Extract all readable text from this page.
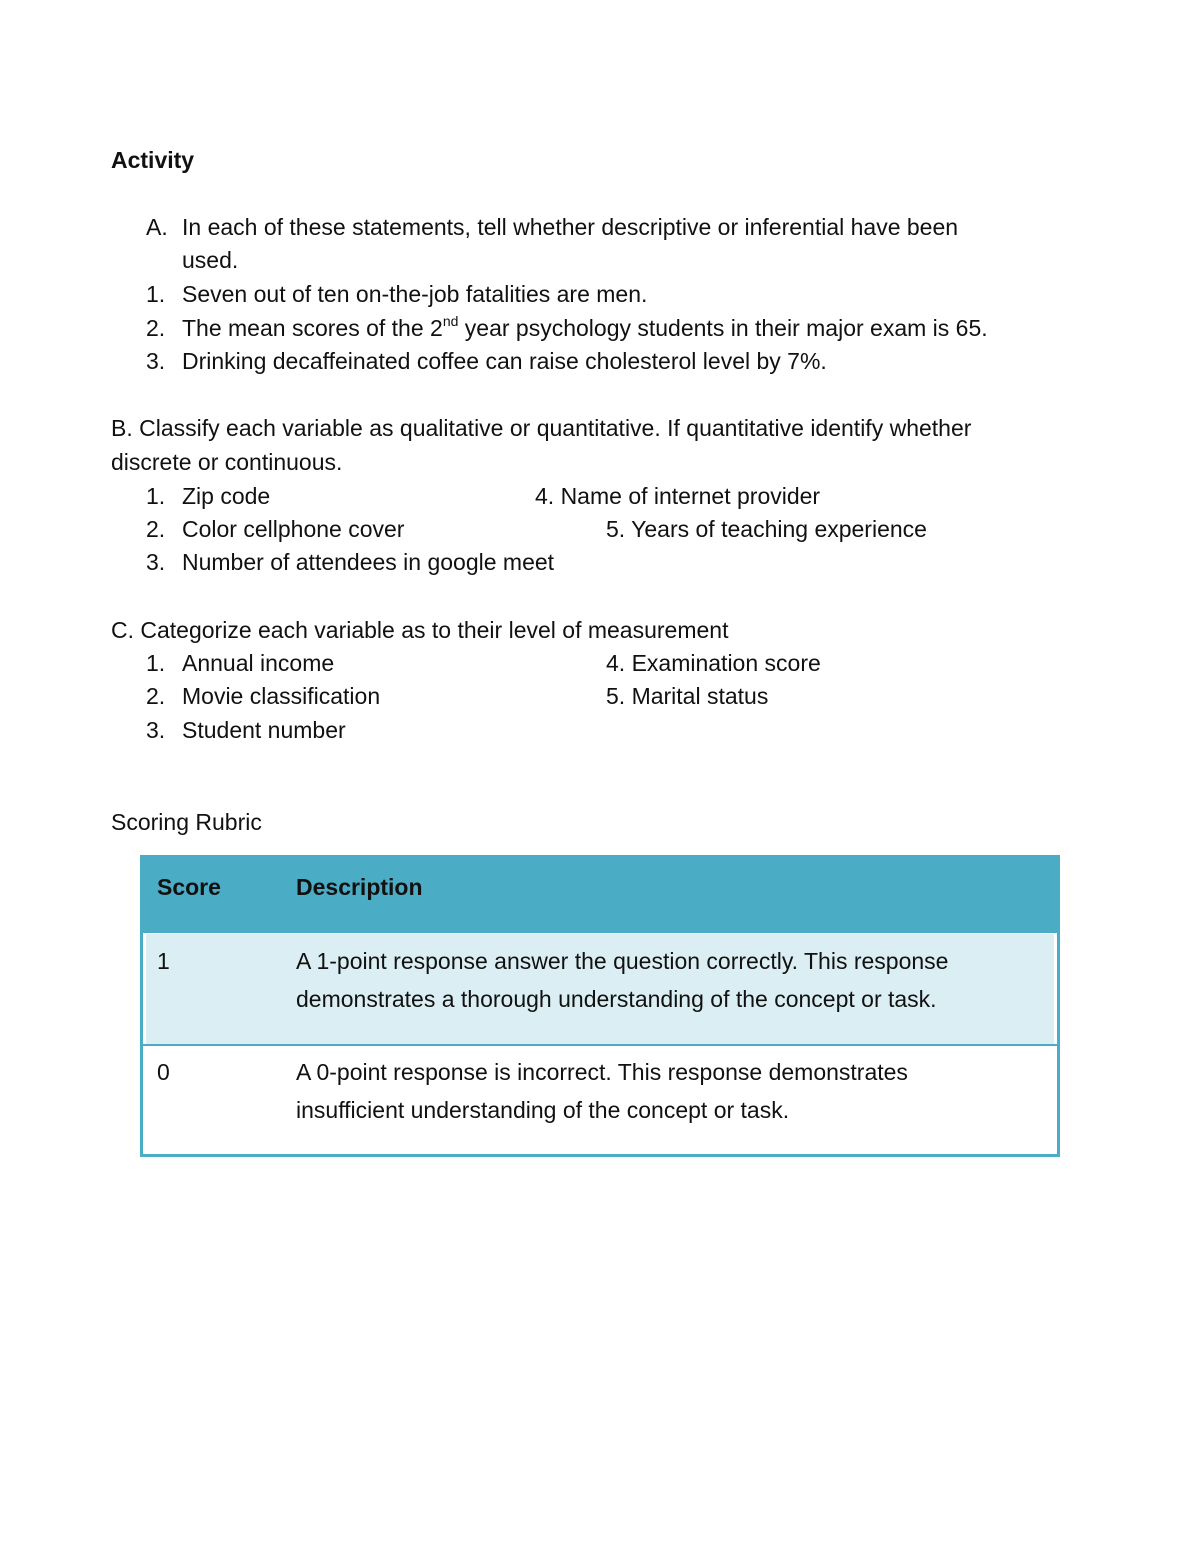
Activity
A. In each of these statements, tell whether descriptive or inferential have been
used.
1. Seven out of ten on-the-job fatalities are men.
2. The mean scores of the 2nd year psychology students in their major exam is 65.
3. Drinking decaffeinated coffee can raise cholesterol level by 7%.
B. Classify each variable as qualitative or quantitative. If quantitative identify whether
discrete or continuous.
1. Zip code	4. Name of internet provider
2. Color cellphone cover	5. Years of teaching experience
3. Number of attendees in google meet
C. Categorize each variable as to their level of measurement
1. Annual income	4. Examination score
2. Movie classification	5. Marital status
3. Student number
Scoring Rubric
Score	Description
1	A 1-point response answer the question correctly. This response
demonstrates a thorough understanding of the concept or task.
0	A 0-point response is incorrect. This response demonstrates
insufficient understanding of the concept or task.
